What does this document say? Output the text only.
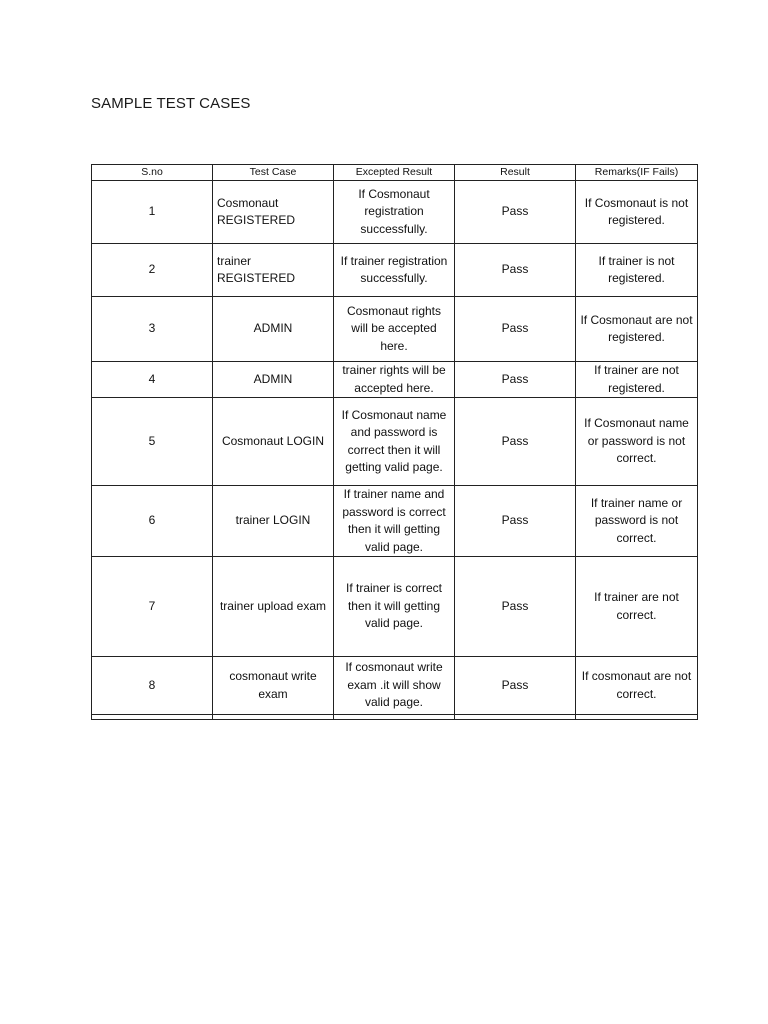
SAMPLE TEST CASES
S.no	Test Case	Excepted Result	Result	Remarks(IF Fails)
1	Cosmonaut REGISTERED	If Cosmonaut registration successfully.	Pass	If Cosmonaut is not registered.
2	trainer REGISTERED	If trainer registration successfully.	Pass	If trainer is not registered.
3	ADMIN	Cosmonaut rights will be accepted here.	Pass	If Cosmonaut are not registered.
4	ADMIN	trainer rights will be accepted here.	Pass	If trainer are not registered.
5	Cosmonaut LOGIN	If Cosmonaut name and password is correct then it will getting valid page.	Pass	If Cosmonaut name or password is not correct.
6	trainer LOGIN	If trainer name and password is correct then it will getting valid page.	Pass	If trainer name or password is not correct.
7	trainer upload exam	If trainer is correct then it will getting valid page.	Pass	If trainer are not correct.
8	cosmonaut write exam	If cosmonaut write exam .it will show valid page.	Pass	If cosmonaut are not correct.
